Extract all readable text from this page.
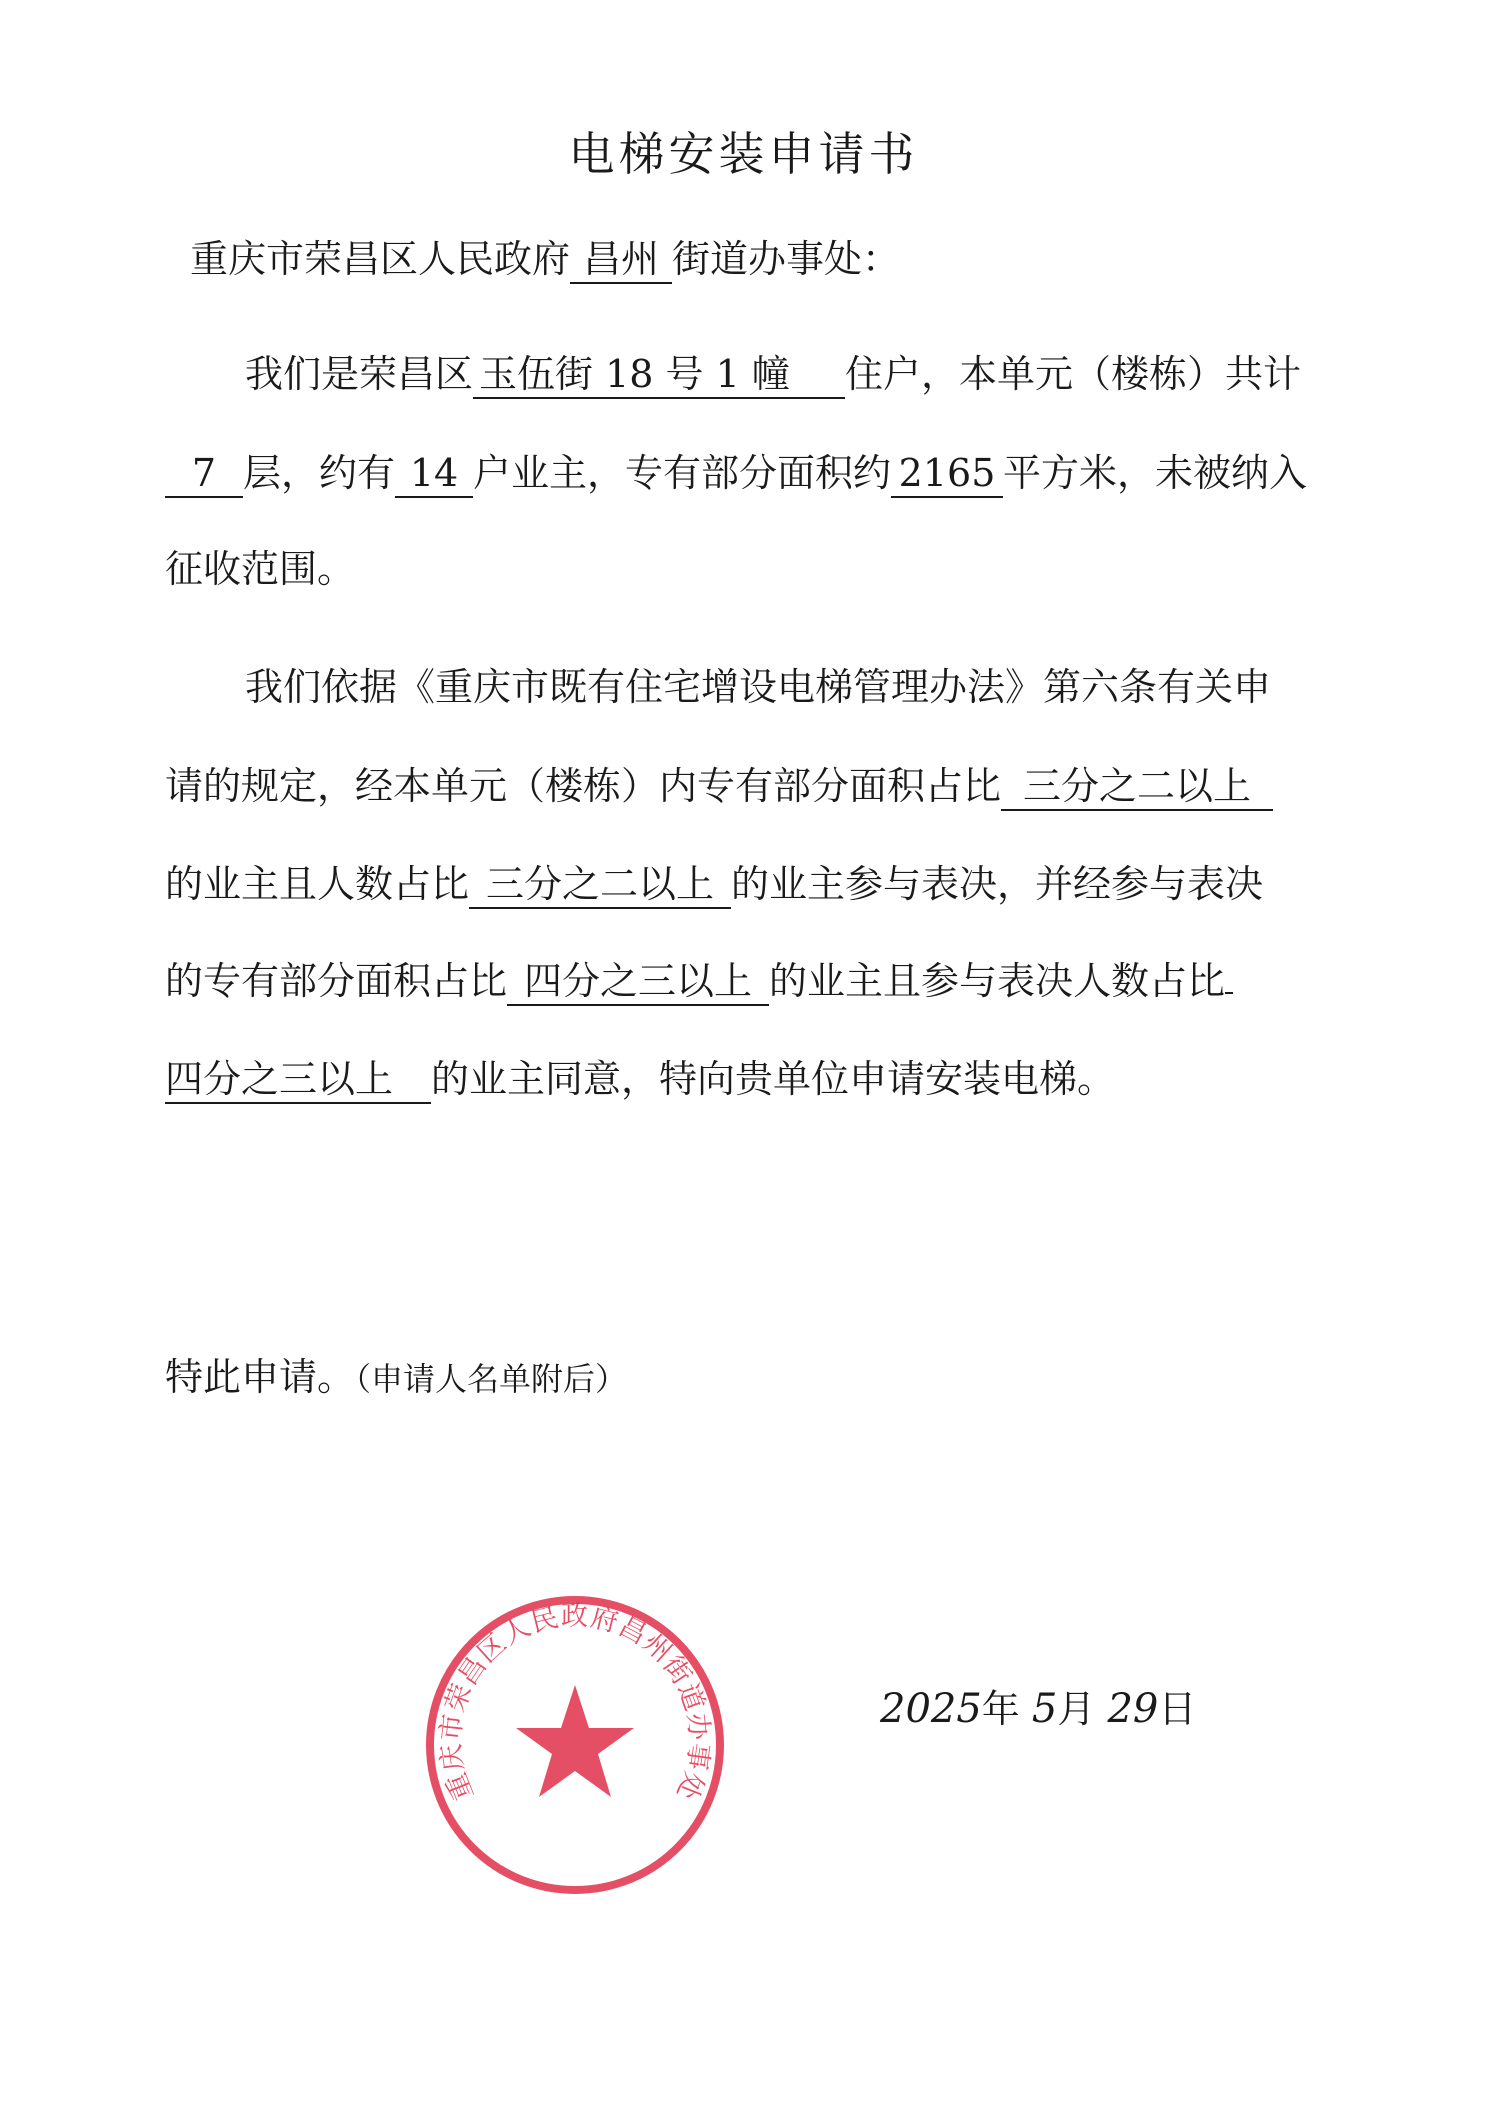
电梯安装申请书
重庆市荣昌区人民政府 昌州 街道办事处：
我们是荣昌区 玉伍街 18 号 1 幢 住户，本单元（楼栋）共计
7 层，约有 14 户业主，专有部分面积约 2165 平方米，未被纳入
征收范围。
我们依据《重庆市既有住宅增设电梯管理办法》第六条有关申
请的规定，经本单元（楼栋）内专有部分面积占比 三分之二以上
的业主且人数占比 三分之二以上 的业主参与表决，并经参与表决
的专有部分面积占比 四分之三以上 的业主且参与表决人数占比
四分之三以上 的业主同意，特向贵单位申请安装电梯。
特此申请。（申请人名单附后）
重庆市荣昌区人民政府昌州街道办事处
2025年 5月 29日
